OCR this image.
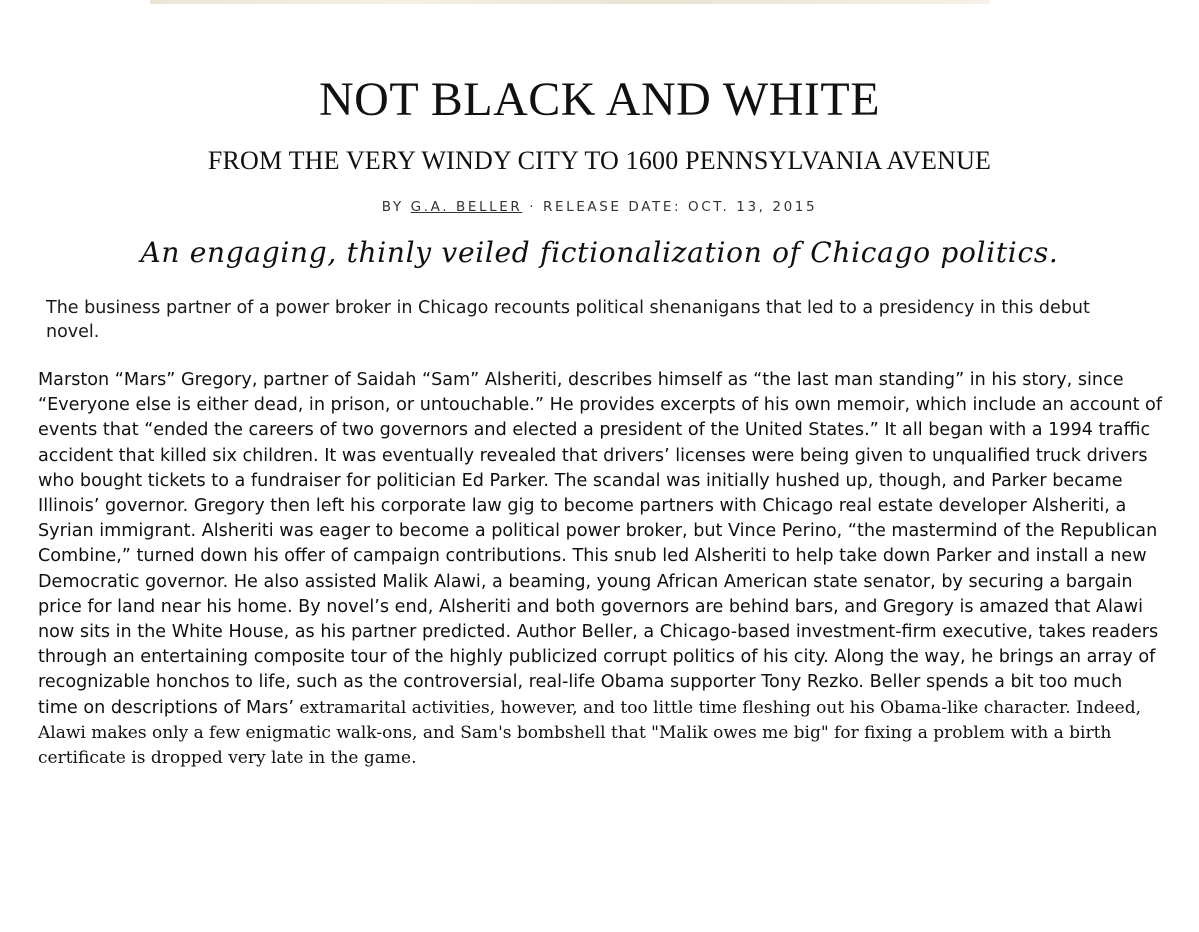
NOT BLACK AND WHITE
FROM THE VERY WINDY CITY TO 1600 PENNSYLVANIA AVENUE
BY G.A. BELLER · RELEASE DATE: OCT. 13, 2015

An engaging, thinly veiled fictionalization of Chicago politics.

The business partner of a power broker in Chicago recounts political shenanigans that led to a presidency in this debut novel.

Marston “Mars” Gregory, partner of Saidah “Sam” Alsheriti, describes himself as “the last man standing” in his story, since “Everyone else is either dead, in prison, or untouchable.” He provides excerpts of his own memoir, which include an account of events that “ended the careers of two governors and elected a president of the United States.” It all began with a 1994 traffic accident that killed six children. It was eventually revealed that drivers’ licenses were being given to unqualified truck drivers who bought tickets to a fundraiser for politician Ed Parker. The scandal was initially hushed up, though, and Parker became Illinois’ governor. Gregory then left his corporate law gig to become partners with Chicago real estate developer Alsheriti, a Syrian immigrant. Alsheriti was eager to become a political power broker, but Vince Perino, “the mastermind of the Republican Combine,” turned down his offer of campaign contributions. This snub led Alsheriti to help take down Parker and install a new Democratic governor. He also assisted Malik Alawi, a beaming, young African American state senator, by securing a bargain price for land near his home. By novel’s end, Alsheriti and both governors are behind bars, and Gregory is amazed that Alawi now sits in the White House, as his partner predicted. Author Beller, a Chicago-based investment-firm executive, takes readers through an entertaining composite tour of the highly publicized corrupt politics of his city. Along the way, he brings an array of recognizable honchos to life, such as the controversial, real-life Obama supporter Tony Rezko. Beller spends a bit too much time on descriptions of Mars’ extramarital activities, however, and too little time fleshing out his Obama-like character. Indeed, Alawi makes only a few enigmatic walk-ons, and Sam's bombshell that "Malik owes me big" for fixing a problem with a birth certificate is dropped very late in the game.
